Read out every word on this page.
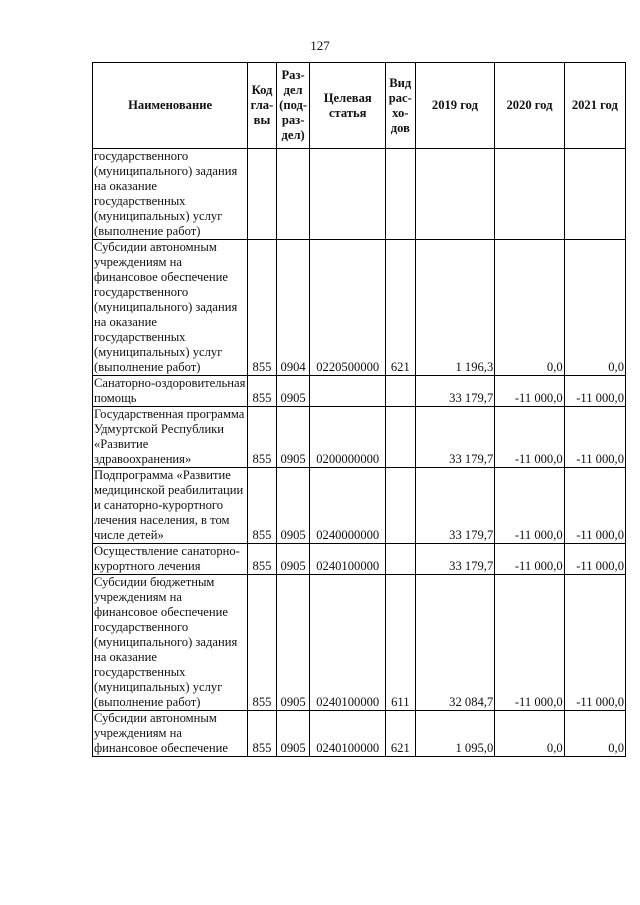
127
Наименование	Код
гла-
вы	Раз-
дел
(под-
раз-
дел)	Целевая
статья	Вид
рас-
хо-
дов	2019 год	2020 год	2021 год
государственного (муниципального) задания на оказание государственных (муниципальных) услуг (выполнение работ)							
Субсидии автономным учреждениям на финансовое обеспечение государственного (муниципального) задания на оказание государственных (муниципальных) услуг (выполнение работ)	855	0904	0220500000	621	1 196,3	0,0	0,0
Санаторно-оздоровительная помощь	855	0905			33 179,7	-11 000,0	-11 000,0
Государственная программа Удмуртской Республики «Развитие здравоохранения»	855	0905	0200000000		33 179,7	-11 000,0	-11 000,0
Подпрограмма «Развитие медицинской реабилитации и санаторно-курортного лечения населения, в том числе детей»	855	0905	0240000000		33 179,7	-11 000,0	-11 000,0
Осуществление санаторно-курортного лечения	855	0905	0240100000		33 179,7	-11 000,0	-11 000,0
Субсидии бюджетным учреждениям на финансовое обеспечение государственного (муниципального) задания на оказание государственных (муниципальных) услуг (выполнение работ)	855	0905	0240100000	611	32 084,7	-11 000,0	-11 000,0
Субсидии автономным учреждениям на финансовое обеспечение	855	0905	0240100000	621	1 095,0	0,0	0,0
